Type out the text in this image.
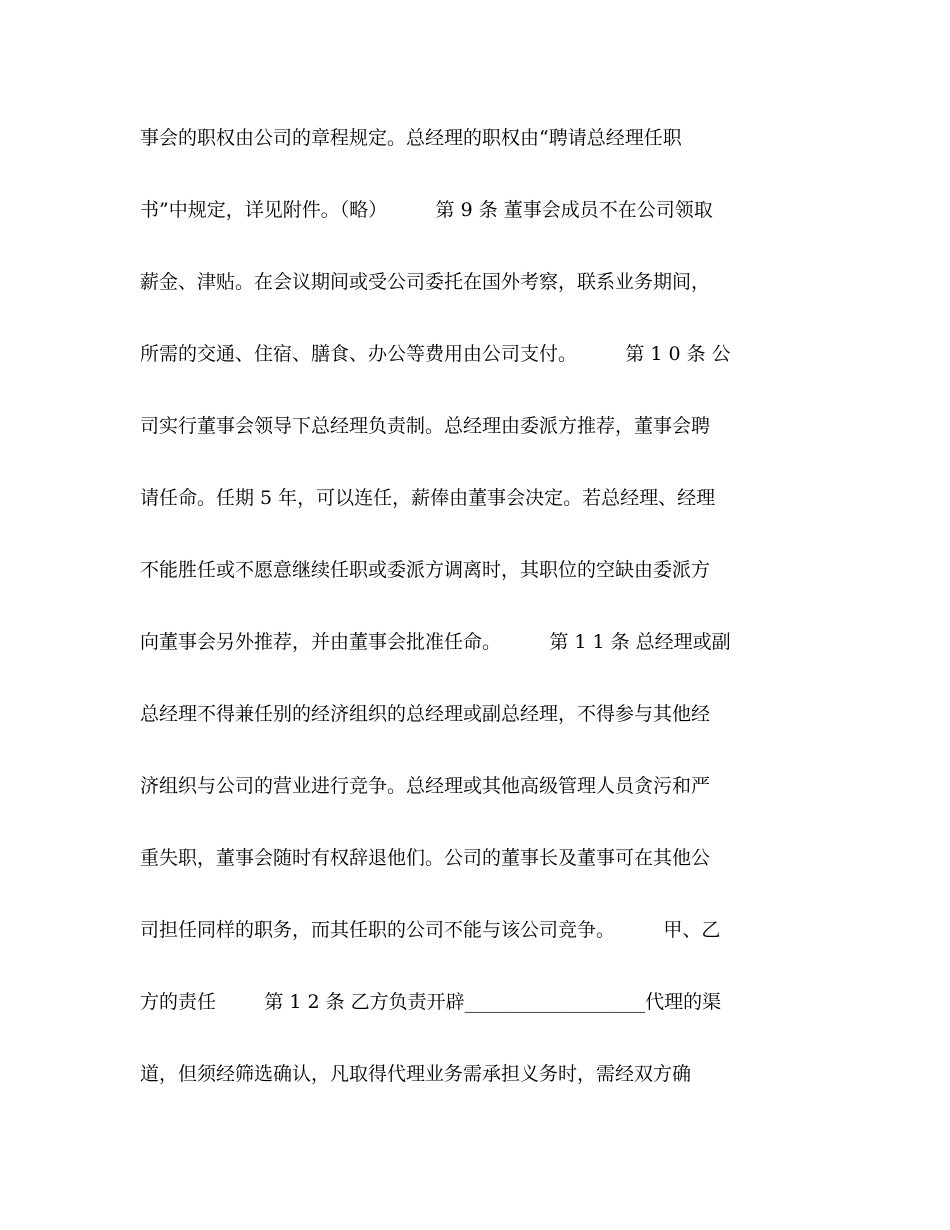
事会的职权由公司的章程规定。总经理的职权由“聘请总经理任职
书”中规定，详见附件。（略）        第 9 条 董事会成员不在公司领取
薪金、津贴。在会议期间或受公司委托在国外考察，联系业务期间，
所需的交通、住宿、膳食、办公等费用由公司支付。        第 1 0 条 公
司实行董事会领导下总经理负责制。总经理由委派方推荐，董事会聘
请任命。任期 5 年，可以连任，薪俸由董事会决定。若总经理、经理
不能胜任或不愿意继续任职或委派方调离时，其职位的空缺由委派方
向董事会另外推荐，并由董事会批准任命。        第 1 1 条 总经理或副
总经理不得兼任别的经济组织的总经理或副总经理，不得参与其他经
济组织与公司的营业进行竞争。总经理或其他高级管理人员贪污和严
重失职，董事会随时有权辞退他们。公司的董事长及董事可在其他公
司担任同样的职务，而其任职的公司不能与该公司竞争。        甲、乙
方的责任        第 1 2 条 乙方负责开辟___________________代理的渠
道，但须经筛选确认，凡取得代理业务需承担义务时，需经双方确
